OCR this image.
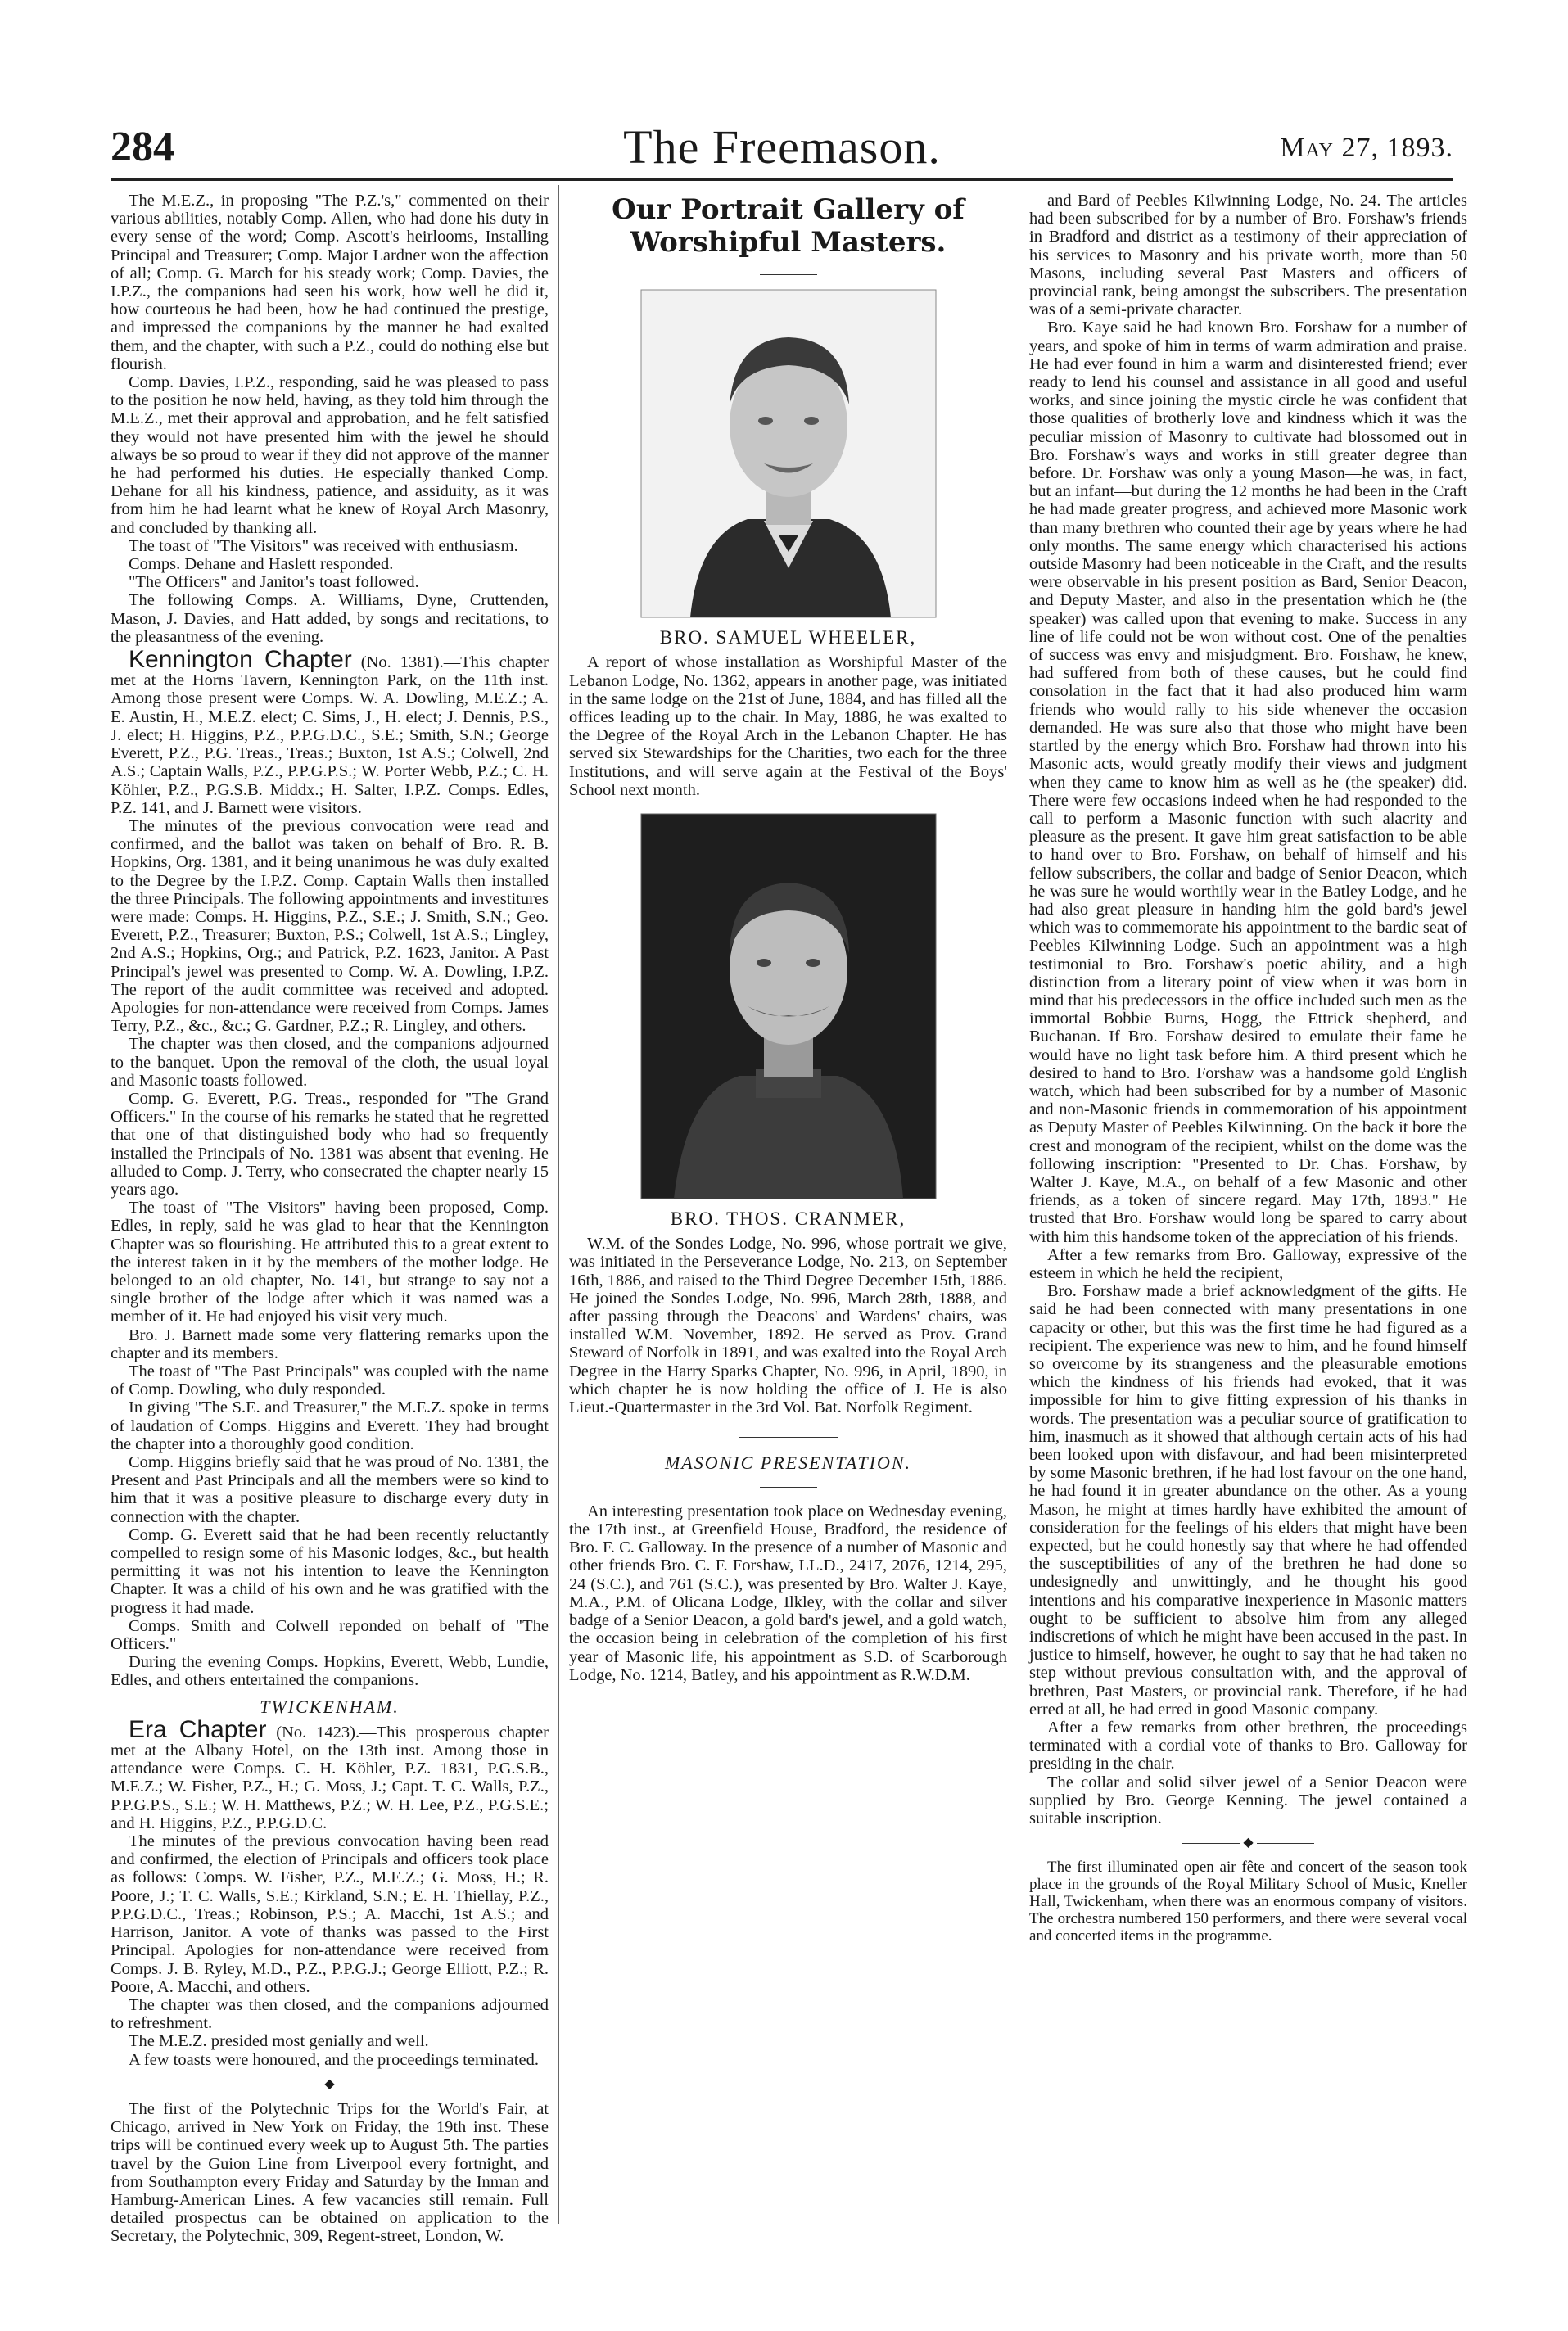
284	The Freemason.	May 27, 1893.

The M.E.Z., in proposing "The P.Z.'s," commented on their various abilities, notably Comp. Allen, who had done his duty in every sense of the word; Comp. Ascott's heirlooms, Installing Principal and Treasurer; Comp. Major Lardner won the affection of all; Comp. G. March for his steady work; Comp. Davies, the I.P.Z., the companions had seen his work, how well he did it, how courteous he had been, how he had continued the prestige, and impressed the companions by the manner he had exalted them, and the chapter, with such a P.Z., could do nothing else but flourish.

Comp. Davies, I.P.Z., responding, said he was pleased to pass to the position he now held, having, as they told him through the M.E.Z., met their approval and approbation, and he felt satisfied they would not have presented him with the jewel he should always be so proud to wear if they did not approve of the manner he had performed his duties. He especially thanked Comp. Dehane for all his kindness, patience, and assiduity, as it was from him he had learnt what he knew of Royal Arch Masonry, and concluded by thanking all.

The toast of "The Visitors" was received with enthusiasm.

Comps. Dehane and Haslett responded.

"The Officers" and Janitor's toast followed.

The following Comps. A. Williams, Dyne, Cruttenden, Mason, J. Davies, and Hatt added, by songs and recitations, to the pleasantness of the evening.

Kennington Chapter (No. 1381).—This chapter met at the Horns Tavern, Kennington Park, on the 11th inst. Among those present were Comps. W. A. Dowling, M.E.Z.; A. E. Austin, H., M.E.Z. elect; C. Sims, J., H. elect; J. Dennis, P.S., J. elect; H. Higgins, P.Z., P.P.G.D.C., S.E.; Smith, S.N.; George Everett, P.Z., P.G. Treas., Treas.; Buxton, 1st A.S.; Colwell, 2nd A.S.; Captain Walls, P.Z., P.P.G.P.S.; W. Porter Webb, P.Z.; C. H. Köhler, P.Z., P.G.S.B. Middx.; H. Salter, I.P.Z. Comps. Edles, P.Z. 141, and J. Barnett were visitors.

The minutes of the previous convocation were read and confirmed, and the ballot was taken on behalf of Bro. R. B. Hopkins, Org. 1381, and it being unanimous he was duly exalted to the Degree by the I.P.Z. Comp. Captain Walls then installed the three Principals. The following appointments and investitures were made: Comps. H. Higgins, P.Z., S.E.; J. Smith, S.N.; Geo. Everett, P.Z., Treasurer; Buxton, P.S.; Colwell, 1st A.S.; Lingley, 2nd A.S.; Hopkins, Org.; and Patrick, P.Z. 1623, Janitor. A Past Principal's jewel was presented to Comp. W. A. Dowling, I.P.Z. The report of the audit committee was received and adopted. Apologies for non-attendance were received from Comps. James Terry, P.Z., &c., &c.; G. Gardner, P.Z.; R. Lingley, and others.

The chapter was then closed, and the companions adjourned to the banquet. Upon the removal of the cloth, the usual loyal and Masonic toasts followed.

Comp. G. Everett, P.G. Treas., responded for "The Grand Officers." In the course of his remarks he stated that he regretted that one of that distinguished body who had so frequently installed the Principals of No. 1381 was absent that evening. He alluded to Comp. J. Terry, who consecrated the chapter nearly 15 years ago.

The toast of "The Visitors" having been proposed, Comp. Edles, in reply, said he was glad to hear that the Kennington Chapter was so flourishing. He attributed this to a great extent to the interest taken in it by the members of the mother lodge. He belonged to an old chapter, No. 141, but strange to say not a single brother of the lodge after which it was named was a member of it. He had enjoyed his visit very much.

Bro. J. Barnett made some very flattering remarks upon the chapter and its members.

The toast of "The Past Principals" was coupled with the name of Comp. Dowling, who duly responded.

In giving "The S.E. and Treasurer," the M.E.Z. spoke in terms of laudation of Comps. Higgins and Everett. They had brought the chapter into a thoroughly good condition.

Comp. Higgins briefly said that he was proud of No. 1381, the Present and Past Principals and all the members were so kind to him that it was a positive pleasure to discharge every duty in connection with the chapter.

Comp. G. Everett said that he had been recently reluctantly compelled to resign some of his Masonic lodges, &c., but health permitting it was not his intention to leave the Kennington Chapter. It was a child of his own and he was gratified with the progress it had made.

Comps. Smith and Colwell reponded on behalf of "The Officers."

During the evening Comps. Hopkins, Everett, Webb, Lundie, Edles, and others entertained the companions.

TWICKENHAM.

Era Chapter (No. 1423).—This prosperous chapter met at the Albany Hotel, on the 13th inst. Among those in attendance were Comps. C. H. Köhler, P.Z. 1831, P.G.S.B., M.E.Z.; W. Fisher, P.Z., H.; G. Moss, J.; Capt. T. C. Walls, P.Z., P.P.G.P.S., S.E.; W. H. Matthews, P.Z.; W. H. Lee, P.Z., P.G.S.E.; and H. Higgins, P.Z., P.P.G.D.C.

The minutes of the previous convocation having been read and confirmed, the election of Principals and officers took place as follows: Comps. W. Fisher, P.Z., M.E.Z.; G. Moss, H.; R. Poore, J.; T. C. Walls, S.E.; Kirkland, S.N.; E. H. Thiellay, P.Z., P.P.G.D.C., Treas.; Robinson, P.S.; A. Macchi, 1st A.S.; and Harrison, Janitor. A vote of thanks was passed to the First Principal. Apologies for non-attendance were received from Comps. J. B. Ryley, M.D., P.Z., P.P.G.J.; George Elliott, P.Z.; R. Poore, A. Macchi, and others.

The chapter was then closed, and the companions adjourned to refreshment.

The M.E.Z. presided most genially and well.

A few toasts were honoured, and the proceedings terminated.

◆

The first of the Polytechnic Trips for the World's Fair, at Chicago, arrived in New York on Friday, the 19th inst. These trips will be continued every week up to August 5th. The parties travel by the Guion Line from Liverpool every fortnight, and from Southampton every Friday and Saturday by the Inman and Hamburg-American Lines. A few vacancies still remain. Full detailed prospectus can be obtained on application to the Secretary, the Polytechnic, 309, Regent-street, London, W.

Our Portrait Gallery of Worshipful Masters.
BRO. SAMUEL WHEELER,

A report of whose installation as Worshipful Master of the Lebanon Lodge, No. 1362, appears in another page, was initiated in the same lodge on the 21st of June, 1884, and has filled all the offices leading up to the chair. In May, 1886, he was exalted to the Degree of the Royal Arch in the Lebanon Chapter. He has served six Stewardships for the Charities, two each for the three Institutions, and will serve again at the Festival of the Boys' School next month.

BRO. THOS. CRANMER,

W.M. of the Sondes Lodge, No. 996, whose portrait we give, was initiated in the Perseverance Lodge, No. 213, on September 16th, 1886, and raised to the Third Degree December 15th, 1886. He joined the Sondes Lodge, No. 996, March 28th, 1888, and after passing through the Deacons' and Wardens' chairs, was installed W.M. November, 1892. He served as Prov. Grand Steward of Norfolk in 1891, and was exalted into the Royal Arch Degree in the Harry Sparks Chapter, No. 996, in April, 1890, in which chapter he is now holding the office of J. He is also Lieut.-Quartermaster in the 3rd Vol. Bat. Norfolk Regiment.

MASONIC PRESENTATION.

An interesting presentation took place on Wednesday evening, the 17th inst., at Greenfield House, Bradford, the residence of Bro. F. C. Galloway. In the presence of a number of Masonic and other friends Bro. C. F. Forshaw, LL.D., 2417, 2076, 1214, 295, 24 (S.C.), and 761 (S.C.), was presented by Bro. Walter J. Kaye, M.A., P.M. of Olicana Lodge, Ilkley, with the collar and silver badge of a Senior Deacon, a gold bard's jewel, and a gold watch, the occasion being in celebration of the completion of his first year of Masonic life, his appointment as S.D. of Scarborough Lodge, No. 1214, Batley, and his appointment as R.W.D.M.

and Bard of Peebles Kilwinning Lodge, No. 24. The articles had been subscribed for by a number of Bro. Forshaw's friends in Bradford and district as a testimony of their appreciation of his services to Masonry and his private worth, more than 50 Masons, including several Past Masters and officers of provincial rank, being amongst the subscribers. The presentation was of a semi-private character.

Bro. Kaye said he had known Bro. Forshaw for a number of years, and spoke of him in terms of warm admiration and praise. He had ever found in him a warm and disinterested friend; ever ready to lend his counsel and assistance in all good and useful works, and since joining the mystic circle he was confident that those qualities of brotherly love and kindness which it was the peculiar mission of Masonry to cultivate had blossomed out in Bro. Forshaw's ways and works in still greater degree than before. Dr. Forshaw was only a young Mason—he was, in fact, but an infant—but during the 12 months he had been in the Craft he had made greater progress, and achieved more Masonic work than many brethren who counted their age by years where he had only months. The same energy which characterised his actions outside Masonry had been noticeable in the Craft, and the results were observable in his present position as Bard, Senior Deacon, and Deputy Master, and also in the presentation which he (the speaker) was called upon that evening to make. Success in any line of life could not be won without cost. One of the penalties of success was envy and misjudgment. Bro. Forshaw, he knew, had suffered from both of these causes, but he could find consolation in the fact that it had also produced him warm friends who would rally to his side whenever the occasion demanded. He was sure also that those who might have been startled by the energy which Bro. Forshaw had thrown into his Masonic acts, would greatly modify their views and judgment when they came to know him as well as he (the speaker) did. There were few occasions indeed when he had responded to the call to perform a Masonic function with such alacrity and pleasure as the present. It gave him great satisfaction to be able to hand over to Bro. Forshaw, on behalf of himself and his fellow subscribers, the collar and badge of Senior Deacon, which he was sure he would worthily wear in the Batley Lodge, and he had also great pleasure in handing him the gold bard's jewel which was to commemorate his appointment to the bardic seat of Peebles Kilwinning Lodge. Such an appointment was a high testimonial to Bro. Forshaw's poetic ability, and a high distinction from a literary point of view when it was born in mind that his predecessors in the office included such men as the immortal Bobbie Burns, Hogg, the Ettrick shepherd, and Buchanan. If Bro. Forshaw desired to emulate their fame he would have no light task before him. A third present which he desired to hand to Bro. Forshaw was a handsome gold English watch, which had been subscribed for by a number of Masonic and non-Masonic friends in commemoration of his appointment as Deputy Master of Peebles Kilwinning. On the back it bore the crest and monogram of the recipient, whilst on the dome was the following inscription: "Presented to Dr. Chas. Forshaw, by Walter J. Kaye, M.A., on behalf of a few Masonic and other friends, as a token of sincere regard. May 17th, 1893." He trusted that Bro. Forshaw would long be spared to carry about with him this handsome token of the appreciation of his friends.

After a few remarks from Bro. Galloway, expressive of the esteem in which he held the recipient,

Bro. Forshaw made a brief acknowledgment of the gifts. He said he had been connected with many presentations in one capacity or other, but this was the first time he had figured as a recipient. The experience was new to him, and he found himself so overcome by its strangeness and the pleasurable emotions which the kindness of his friends had evoked, that it was impossible for him to give fitting expression of his thanks in words. The presentation was a peculiar source of gratification to him, inasmuch as it showed that although certain acts of his had been looked upon with disfavour, and had been misinterpreted by some Masonic brethren, if he had lost favour on the one hand, he had found it in greater abundance on the other. As a young Mason, he might at times hardly have exhibited the amount of consideration for the feelings of his elders that might have been expected, but he could honestly say that where he had offended the susceptibilities of any of the brethren he had done so undesignedly and unwittingly, and he thought his good intentions and his comparative inexperience in Masonic matters ought to be sufficient to absolve him from any alleged indiscretions of which he might have been accused in the past. In justice to himself, however, he ought to say that he had taken no step without previous consultation with, and the approval of brethren, Past Masters, or provincial rank. Therefore, if he had erred at all, he had erred in good Masonic company.

After a few remarks from other brethren, the proceedings terminated with a cordial vote of thanks to Bro. Galloway for presiding in the chair.

The collar and solid silver jewel of a Senior Deacon were supplied by Bro. George Kenning. The jewel contained a suitable inscription.

◆

The first illuminated open air fête and concert of the season took place in the grounds of the Royal Military School of Music, Kneller Hall, Twickenham, when there was an enormous company of visitors. The orchestra numbered 150 performers, and there were several vocal and concerted items in the programme.
